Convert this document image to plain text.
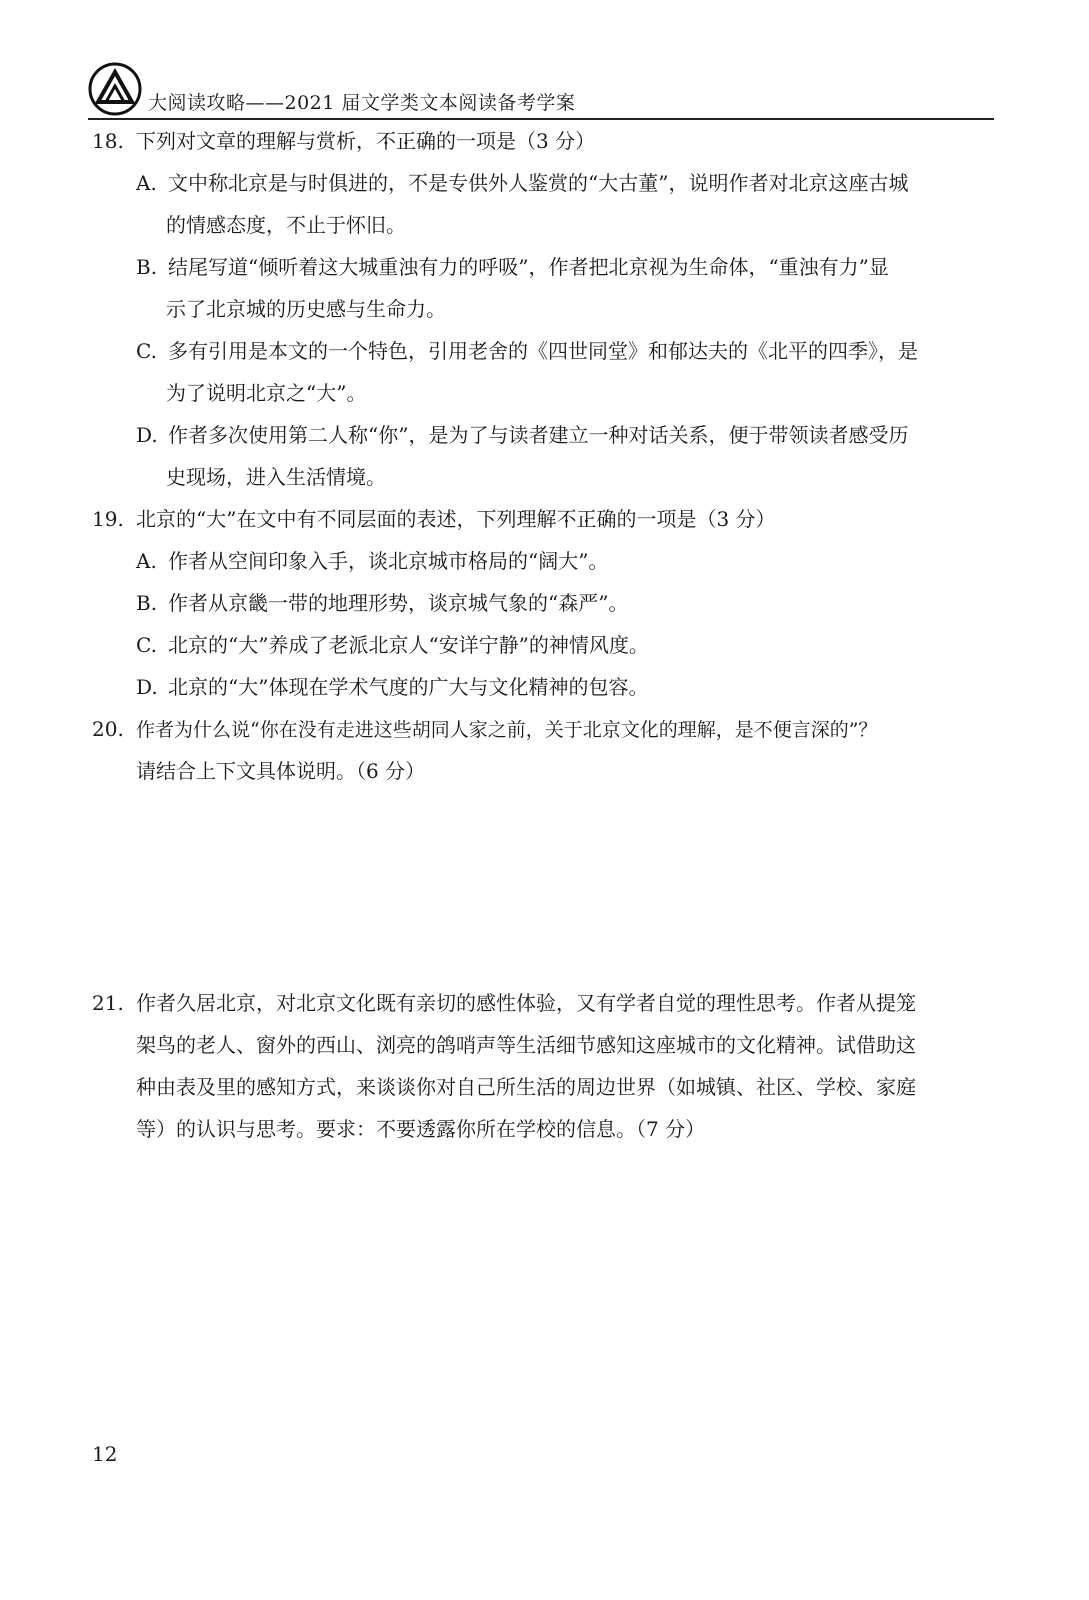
大阅读攻略——2021 届文学类文本阅读备考学案
18. 下列对文章的理解与赏析，不 •正 •确 •的一项是（3 分）
A. 文中称北京是与时俱进的，不是专供外人鉴赏的“大古董”，说明作者对北京这座古城
的情感态度，不止于怀旧。
B. 结尾写道“倾听着这大城重浊有力的呼吸”，作者把北京视为生命体，“重浊有力”显
示了北京城的历史感与生命力。
C. 多有引用是本文的一个特色，引用老舍的《四世同堂》和郁达夫的《北平的四季》，是
为了说明北京之“大”。
D. 作者多次使用第二人称“你”，是为了与读者建立一种对话关系，便于带领读者感受历
史现场，进入生活情境。
19. 北京的“大”在文中有不同层面的表述，下列理解不 •正 •确 •的一项是（3 分）
A. 作者从空间印象入手，谈北京城市格局的“阔大”。
B. 作者从京畿一带的地理形势，谈京城气象的“森严”。
C. 北京的“大”养成了老派北京人“安详宁静”的神情风度。
D. 北京的“大”体现在学术气度的广大与文化精神的包容。
20. 作者为什么说“你在没有走进这些胡同人家之前，关于北京文化的理解，是不便言深的”？
请结合上下文具体说明。（6 分）
21. 作者久居北京，对北京文化既有亲切的感性体验，又有学者自觉的理性思考。作者从提笼
架鸟的老人、窗外的西山、浏亮的鸽哨声等生活细节感知这座城市的文化精神。试借助这
种由表及里的感知方式，来谈谈你对自己所生活的周边世界（如城镇、社区、学校、家庭
等）的认识与思考。要求：不要透露你所在学校的信息。（7 分）
12
